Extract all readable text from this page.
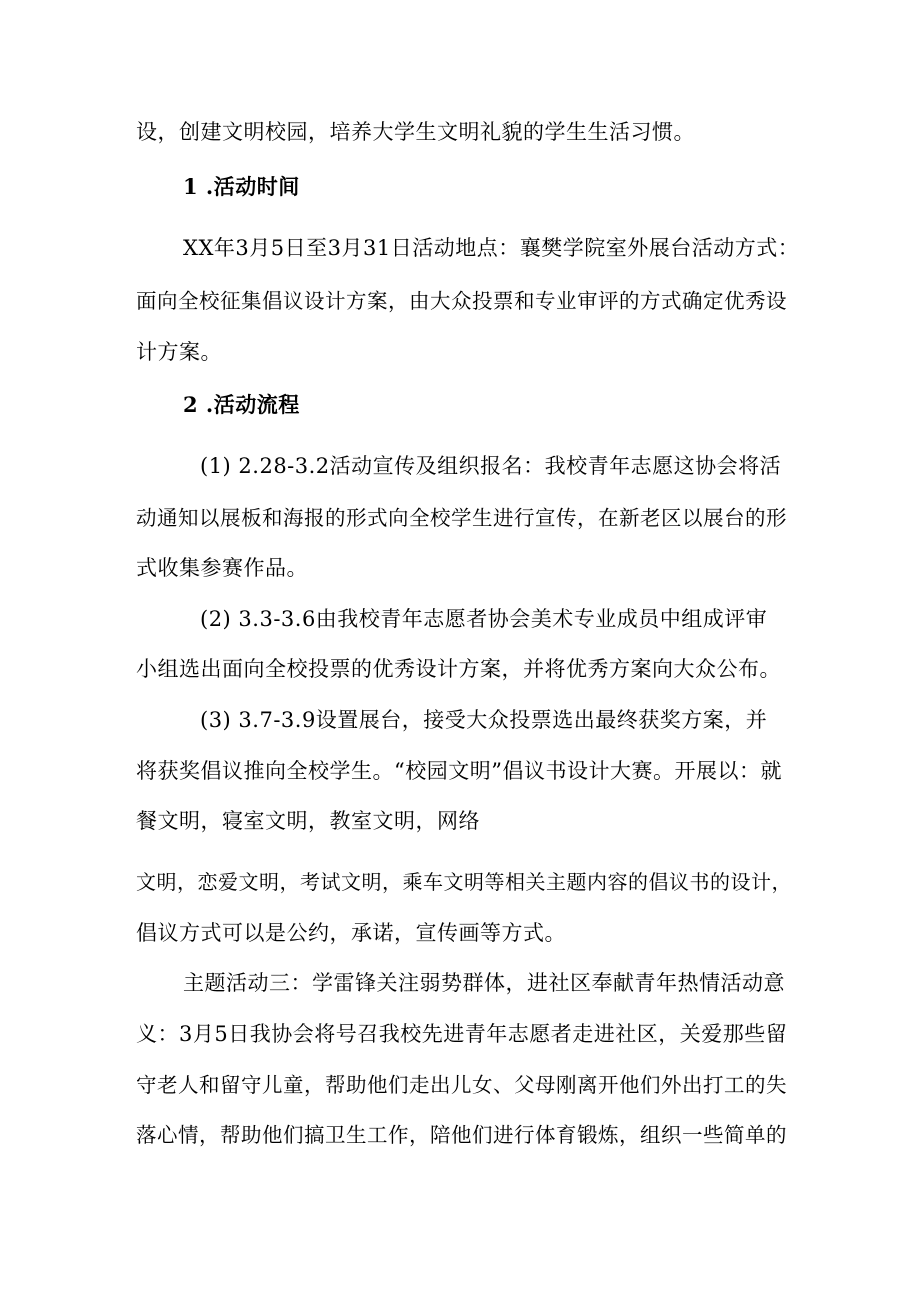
设，创建文明校园，培养大学生文明礼貌的学生生活习惯。
1 .活动时间
XX年3月5日至3月31日活动地点：襄樊学院室外展台活动方式：
面向全校征集倡议设计方案，由大众投票和专业审评的方式确定优秀设
计方案。
2 .活动流程
(1) 2.28-3.2活动宣传及组织报名：我校青年志愿这协会将活
动通知以展板和海报的形式向全校学生进行宣传，在新老区以展台的形
式收集参赛作品。
(2) 3.3-3.6由我校青年志愿者协会美术专业成员中组成评审
小组选出面向全校投票的优秀设计方案，并将优秀方案向大众公布。
(3) 3.7-3.9设置展台，接受大众投票选出最终获奖方案，并
将获奖倡议推向全校学生。“校园文明”倡议书设计大赛。开展以：就
餐文明，寝室文明，教室文明，网络
文明，恋爱文明，考试文明，乘车文明等相关主题内容的倡议书的设计，
倡议方式可以是公约，承诺，宣传画等方式。
主题活动三：学雷锋关注弱势群体，进社区奉献青年热情活动意
义：3月5日我协会将号召我校先进青年志愿者走进社区，关爱那些留
守老人和留守儿童，帮助他们走出儿女、父母刚离开他们外出打工的失
落心情，帮助他们搞卫生工作，陪他们进行体育锻炼，组织一些简单的
